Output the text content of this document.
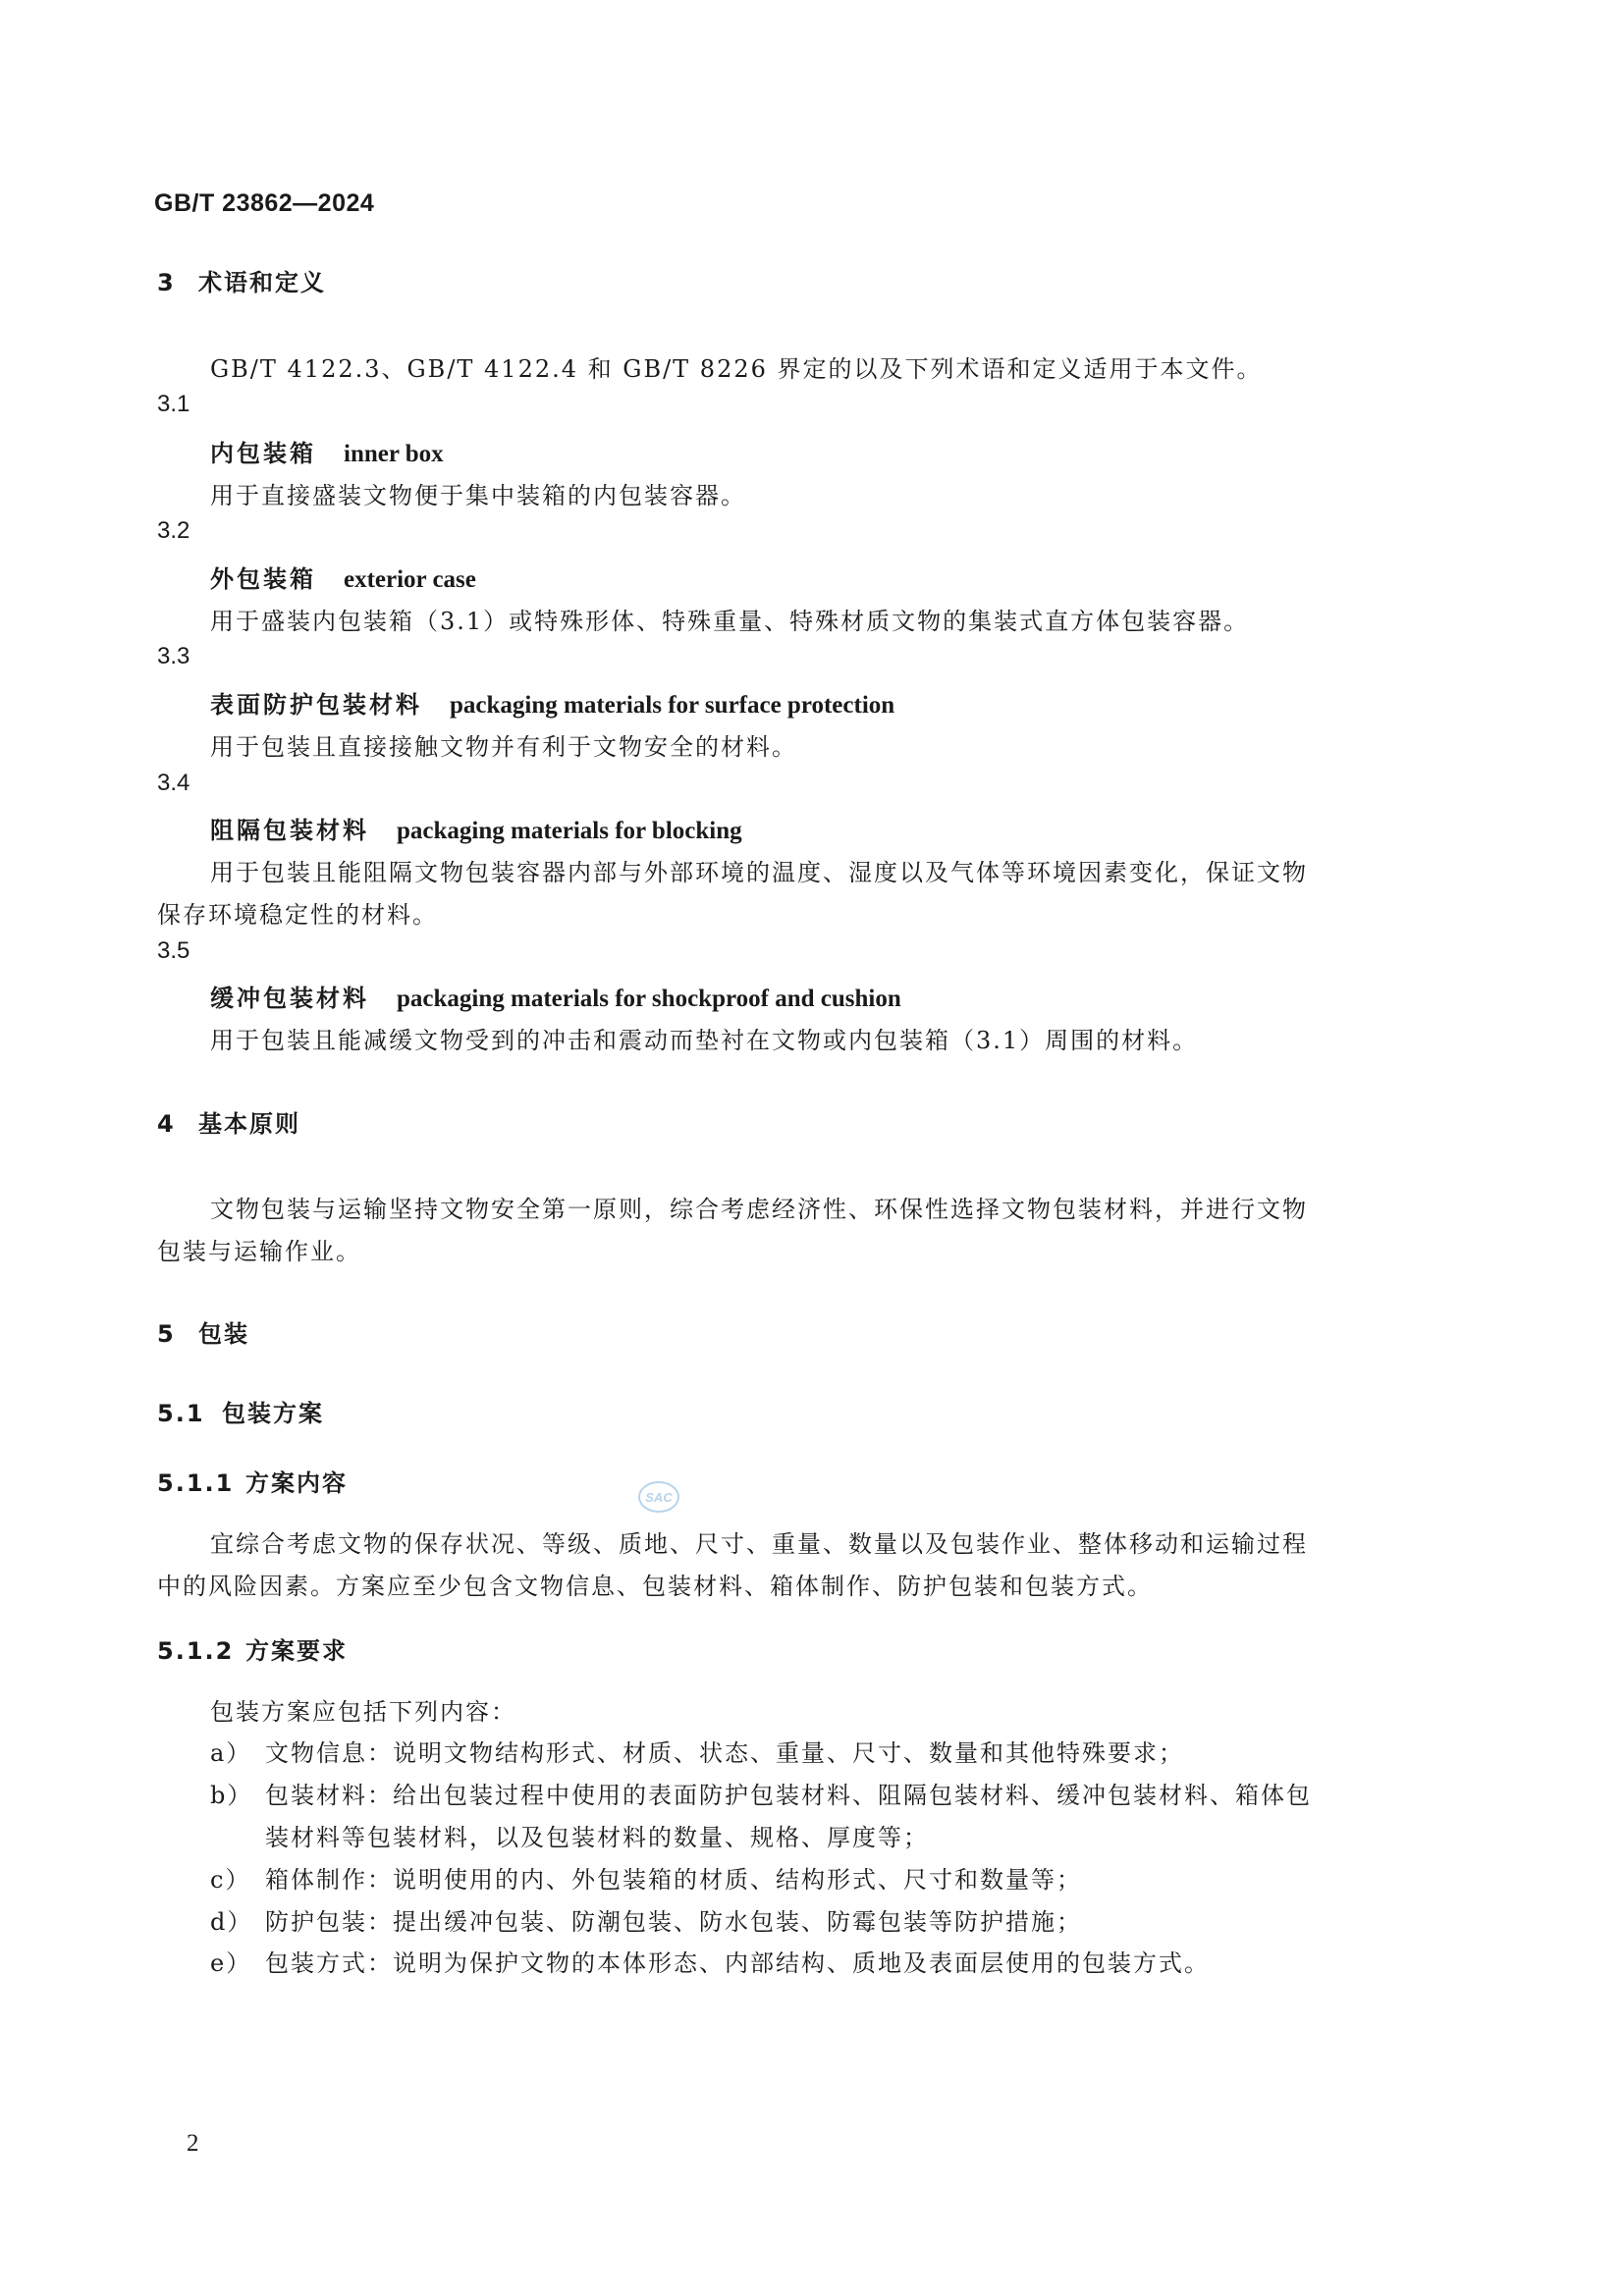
GB/T 23862—2024
3 术语和定义
GB/T 4122.3、GB/T 4122.4 和 GB/T 8226 界定的以及下列术语和定义适用于本文件。
3.1
内包装箱 inner box
用于直接盛装文物便于集中装箱的内包装容器。
3.2
外包装箱 exterior case
用于盛装内包装箱（3.1）或特殊形体、特殊重量、特殊材质文物的集装式直方体包装容器。
3.3
表面防护包装材料 packaging materials for surface protection
用于包装且直接接触文物并有利于文物安全的材料。
3.4
阻隔包装材料 packaging materials for blocking
用于包装且能阻隔文物包装容器内部与外部环境的温度、湿度以及气体等环境因素变化，保证文物
保存环境稳定性的材料。
3.5
缓冲包装材料 packaging materials for shockproof and cushion
用于包装且能减缓文物受到的冲击和震动而垫衬在文物或内包装箱（3.1）周围的材料。
4 基本原则
文物包装与运输坚持文物安全第一原则，综合考虑经济性、环保性选择文物包装材料，并进行文物
包装与运输作业。
5 包装
5.1 包装方案
5.1.1 方案内容
宜综合考虑文物的保存状况、等级、质地、尺寸、重量、数量以及包装作业、整体移动和运输过程
中的风险因素。方案应至少包含文物信息、包装材料、箱体制作、防护包装和包装方式。
5.1.2 方案要求
包装方案应包括下列内容：
a） 文物信息：说明文物结构形式、材质、状态、重量、尺寸、数量和其他特殊要求；
b） 包装材料：给出包装过程中使用的表面防护包装材料、阻隔包装材料、缓冲包装材料、箱体包
装材料等包装材料，以及包装材料的数量、规格、厚度等；
c） 箱体制作：说明使用的内、外包装箱的材质、结构形式、尺寸和数量等；
d） 防护包装：提出缓冲包装、防潮包装、防水包装、防霉包装等防护措施；
e） 包装方式：说明为保护文物的本体形态、内部结构、质地及表面层使用的包装方式。
SAC
2
